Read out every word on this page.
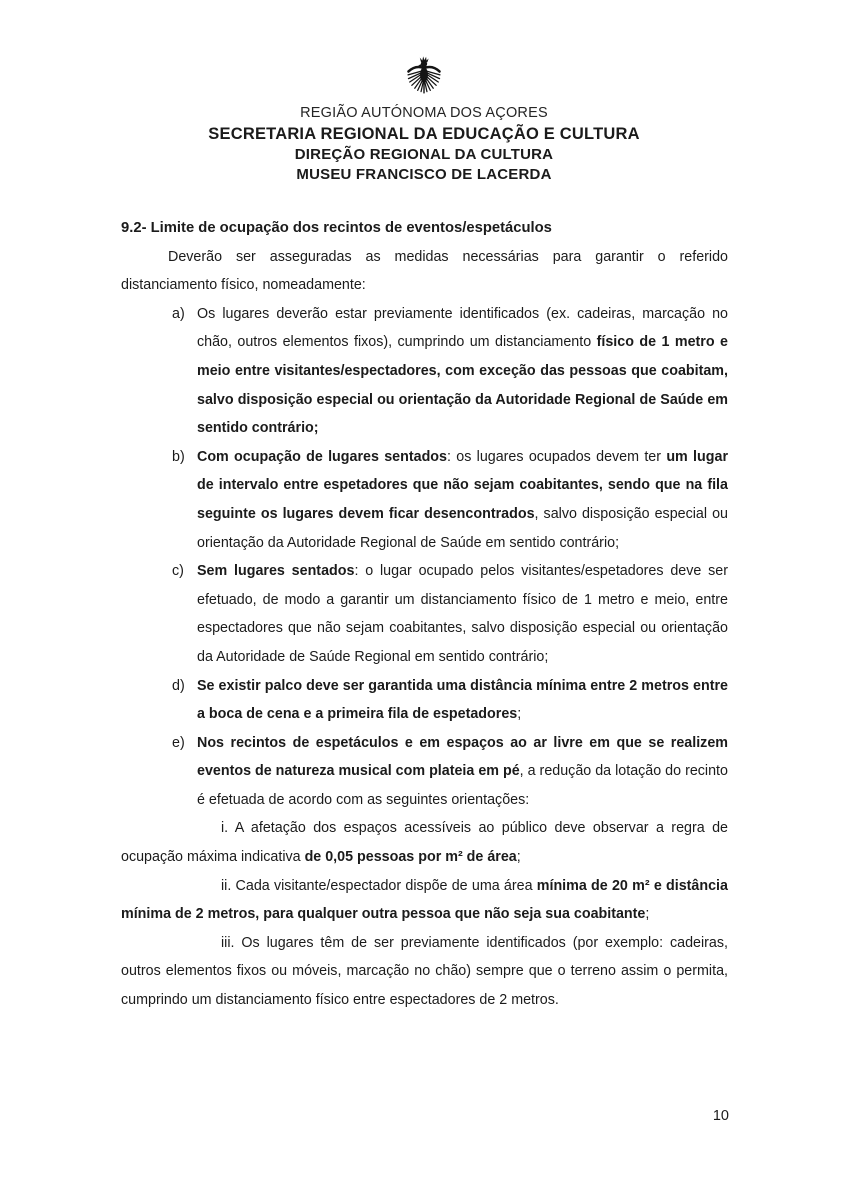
REGIÃO AUTÓNOMA DOS AÇORES
SECRETARIA REGIONAL DA EDUCAÇÃO E CULTURA
DIREÇÃO REGIONAL DA CULTURA
MUSEU FRANCISCO DE LACERDA
9.2- Limite de ocupação dos recintos de eventos/espetáculos

Deverão ser asseguradas as medidas necessárias para garantir o referido distanciamento físico, nomeadamente:

a) Os lugares deverão estar previamente identificados (ex. cadeiras, marcação no chão, outros elementos fixos), cumprindo um distanciamento físico de 1 metro e meio entre visitantes/espectadores, com exceção das pessoas que coabitam, salvo disposição especial ou orientação da Autoridade Regional de Saúde em sentido contrário;

b) Com ocupação de lugares sentados: os lugares ocupados devem ter um lugar de intervalo entre espetadores que não sejam coabitantes, sendo que na fila seguinte os lugares devem ficar desencontrados, salvo disposição especial ou orientação da Autoridade Regional de Saúde em sentido contrário;

c) Sem lugares sentados: o lugar ocupado pelos visitantes/espetadores deve ser efetuado, de modo a garantir um distanciamento físico de 1 metro e meio, entre espectadores que não sejam coabitantes, salvo disposição especial ou orientação da Autoridade de Saúde Regional em sentido contrário;

d) Se existir palco deve ser garantida uma distância mínima entre 2 metros entre a boca de cena e a primeira fila de espetadores;

e) Nos recintos de espetáculos e em espaços ao ar livre em que se realizem eventos de natureza musical com plateia em pé, a redução da lotação do recinto é efetuada de acordo com as seguintes orientações:

i. A afetação dos espaços acessíveis ao público deve observar a regra de ocupação máxima indicativa de 0,05 pessoas por m² de área;

ii. Cada visitante/espectador dispõe de uma área mínima de 20 m² e distância mínima de 2 metros, para qualquer outra pessoa que não seja sua coabitante;

iii. Os lugares têm de ser previamente identificados (por exemplo: cadeiras, outros elementos fixos ou móveis, marcação no chão) sempre que o terreno assim o permita, cumprindo um distanciamento físico entre espectadores de 2 metros.

10
